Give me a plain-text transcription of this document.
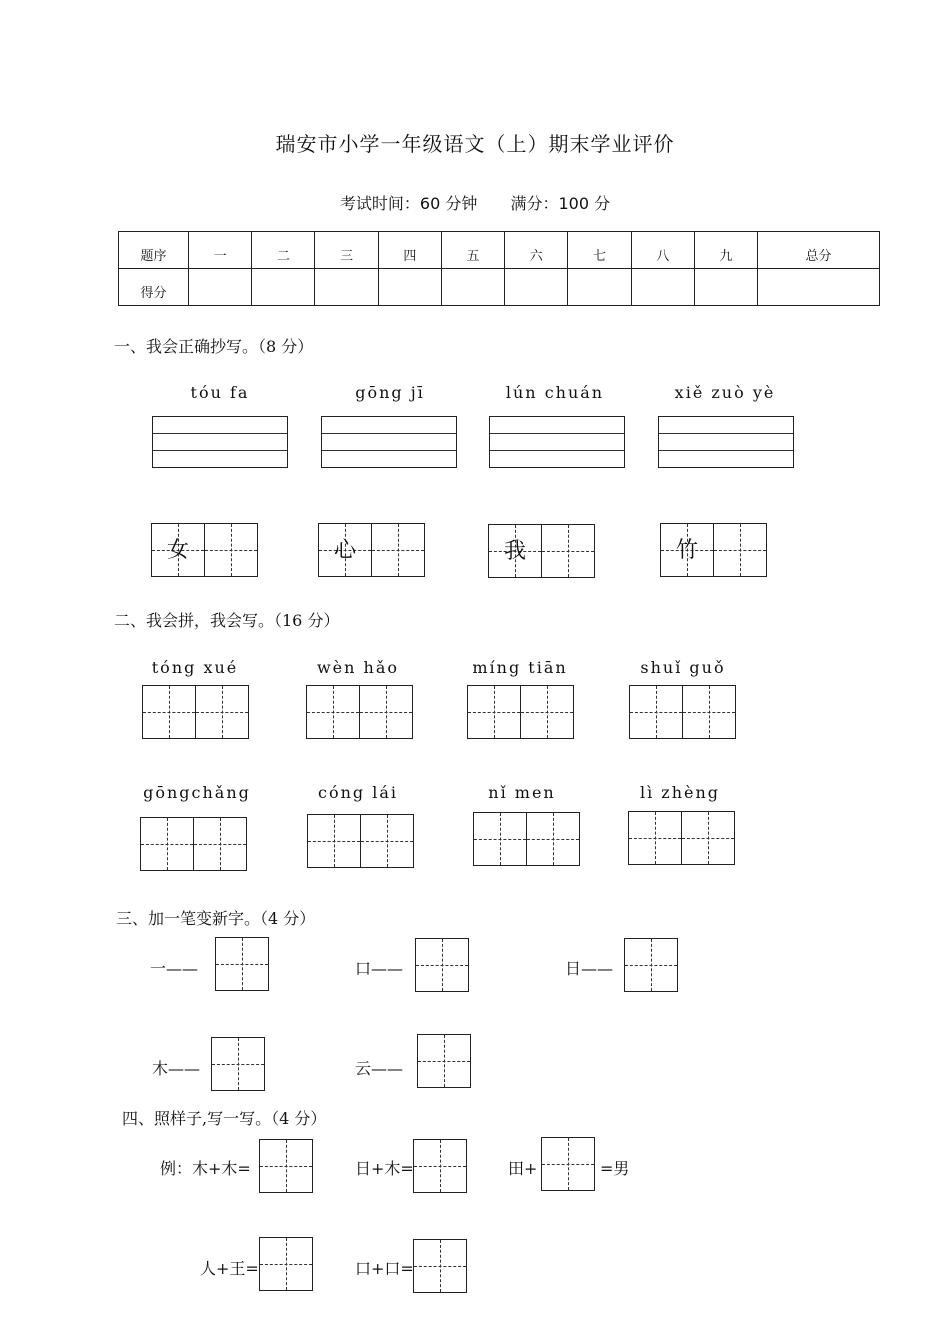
瑞安市小学一年级语文（上）期末学业评价
考试时间：60 分钟 满分：100 分
题序	一	二	三	四	五	六	七	八	九	总分
得分										
一、我会正确抄写。（8 分）
tóu fa	gōng jī	lún chuán	xiě zuò yè
女	心	我	竹
二、我会拼，我会写。（16 分）
tóng xué	wèn hǎo	míng tiān	shuǐ guǒ
gōngchǎng	cóng lái	nǐ men	lì zhèng
三、加一笔变新字。（4 分）
一——	口——	日——
木——	云——
四、照样子,写一写。（4 分）
例：木+木=	日+木=	田+	=男
人+王=	口+口=
